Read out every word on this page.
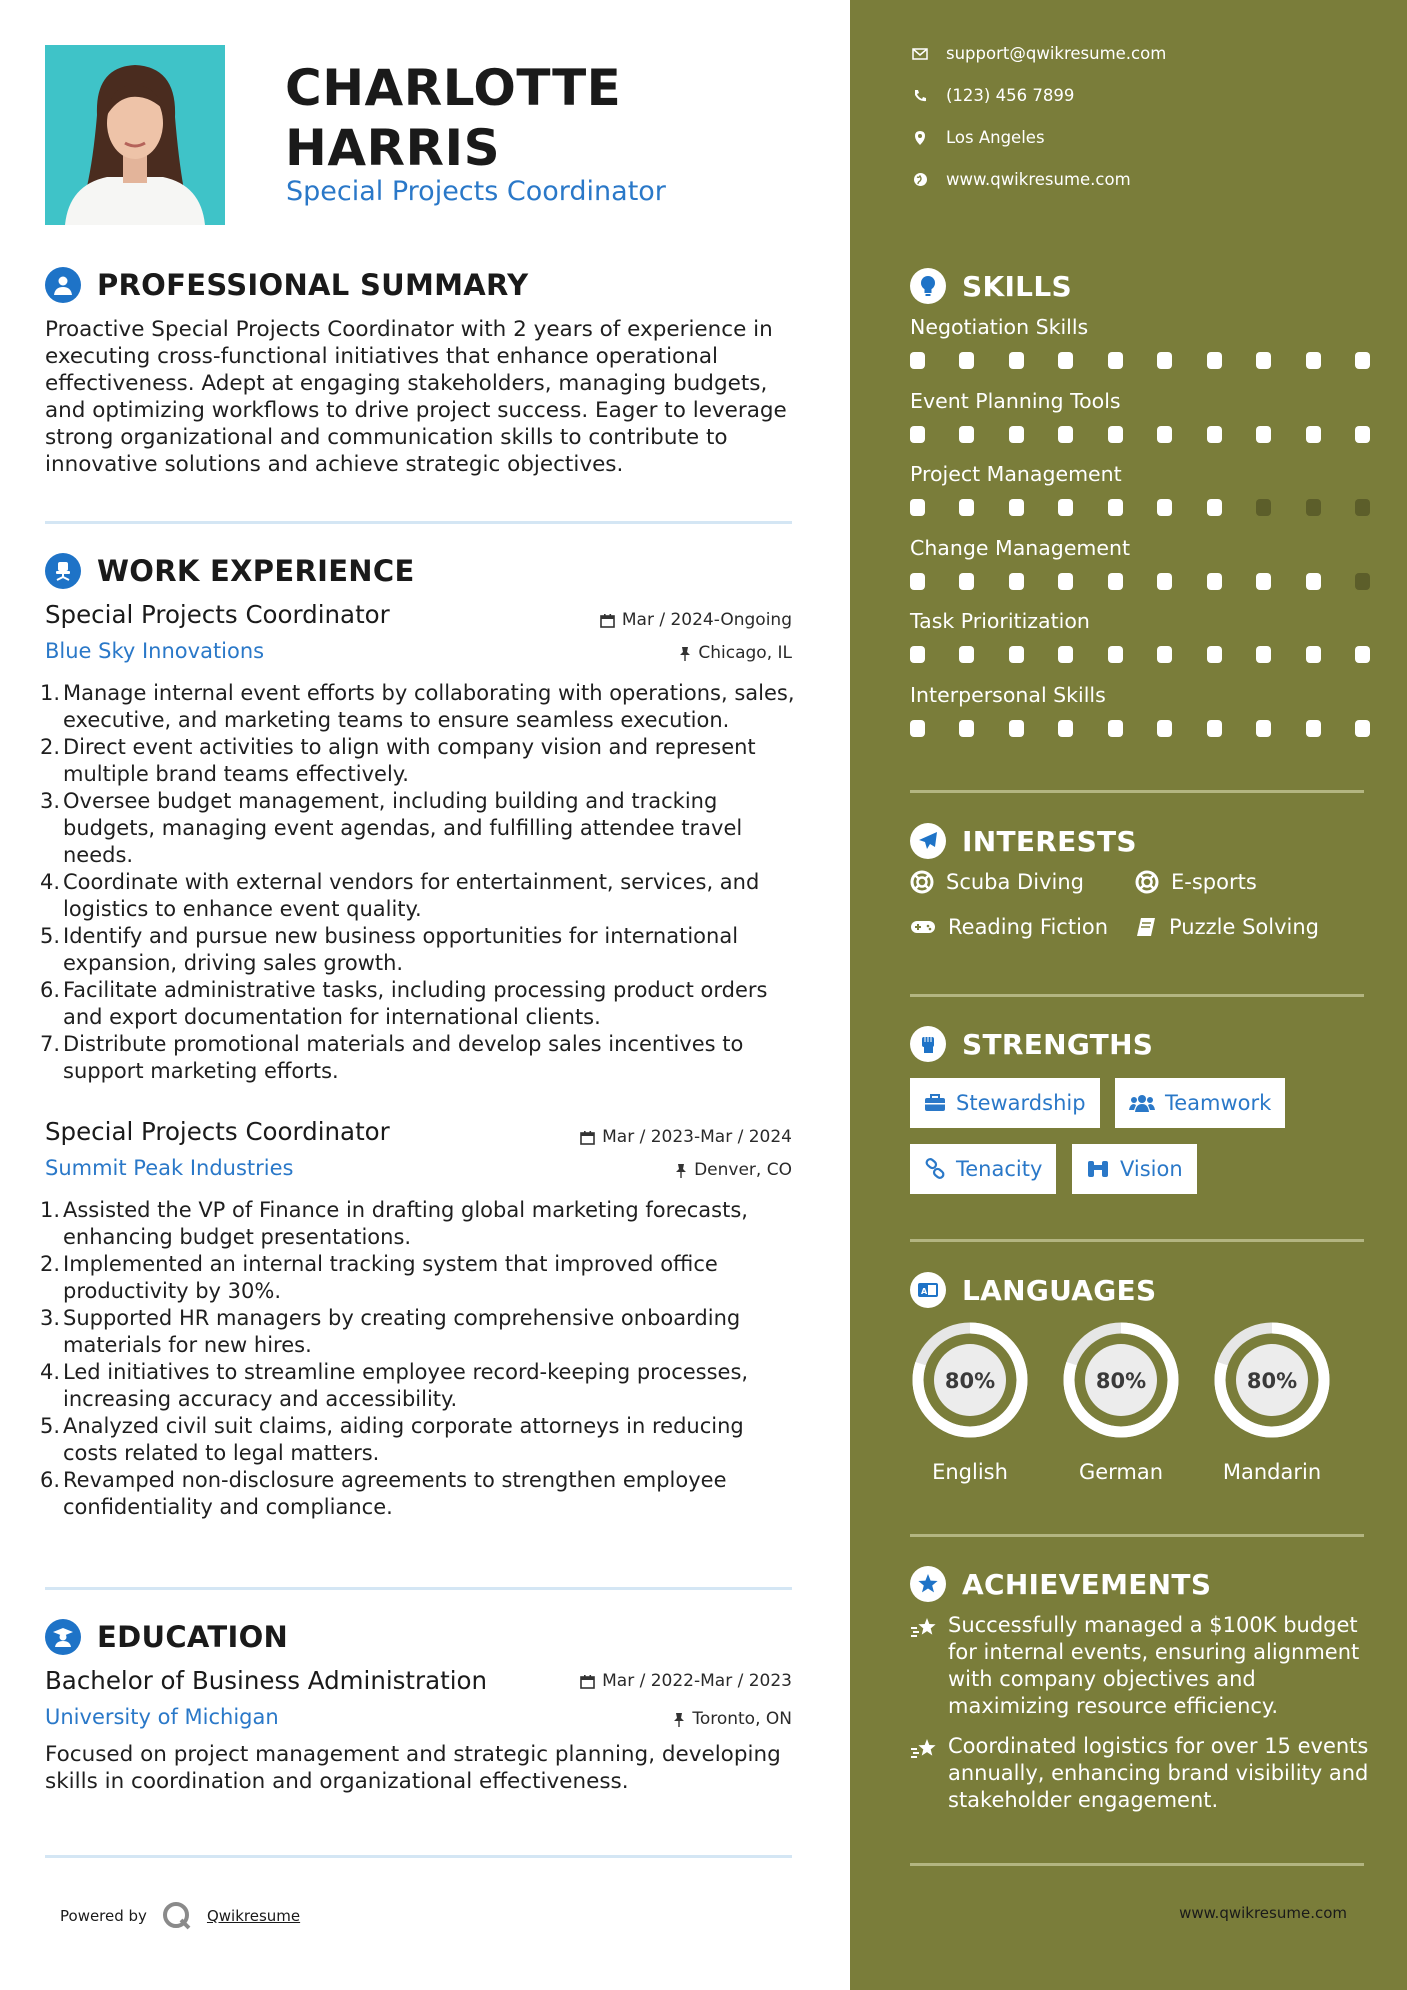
CHARLOTTE
HARRIS
Special Projects Coordinator
PROFESSIONAL SUMMARY
Proactive Special Projects Coordinator with 2 years of experience in executing cross-functional initiatives that enhance operational effectiveness. Adept at engaging stakeholders, managing budgets, and optimizing workflows to drive project success. Eager to leverage strong organizational and communication skills to contribute to innovative solutions and achieve strategic objectives.
WORK EXPERIENCE
Special Projects Coordinator	Mar / 2024-Ongoing
Blue Sky Innovations	Chicago, IL
Manage internal event efforts by collaborating with operations, sales, executive, and marketing teams to ensure seamless execution.
Direct event activities to align with company vision and represent multiple brand teams effectively.
Oversee budget management, including building and tracking budgets, managing event agendas, and fulfilling attendee travel needs.
Coordinate with external vendors for entertainment, services, and logistics to enhance event quality.
Identify and pursue new business opportunities for international expansion, driving sales growth.
Facilitate administrative tasks, including processing product orders and export documentation for international clients.
Distribute promotional materials and develop sales incentives to support marketing efforts.
Special Projects Coordinator	Mar / 2023-Mar / 2024
Summit Peak Industries	Denver, CO
Assisted the VP of Finance in drafting global marketing forecasts, enhancing budget presentations.
Implemented an internal tracking system that improved office productivity by 30%.
Supported HR managers by creating comprehensive onboarding materials for new hires.
Led initiatives to streamline employee record-keeping processes, increasing accuracy and accessibility.
Analyzed civil suit claims, aiding corporate attorneys in reducing costs related to legal matters.
Revamped non-disclosure agreements to strengthen employee confidentiality and compliance.
EDUCATION
Bachelor of Business Administration	Mar / 2022-Mar / 2023
University of Michigan	Toronto, ON
Focused on project management and strategic planning, developing skills in coordination and organizational effectiveness.
Powered by	Qwikresume
support@qwikresume.com
(123) 456 7899
Los Angeles
www.qwikresume.com
SKILLS
Negotiation Skills
Event Planning Tools
Project Management
Change Management
Task Prioritization
Interpersonal Skills
INTERESTS
Scuba Diving	E-sports
Reading Fiction	Puzzle Solving
STRENGTHS
Stewardship	Teamwork
Tenacity	Vision
A LANGUAGES
80%
English
80%
German
80%
Mandarin
ACHIEVEMENTS
Successfully managed a $100K budget for internal events, ensuring alignment with company objectives and maximizing resource efficiency.
Coordinated logistics for over 15 events annually, enhancing brand visibility and stakeholder engagement.
www.qwikresume.com
